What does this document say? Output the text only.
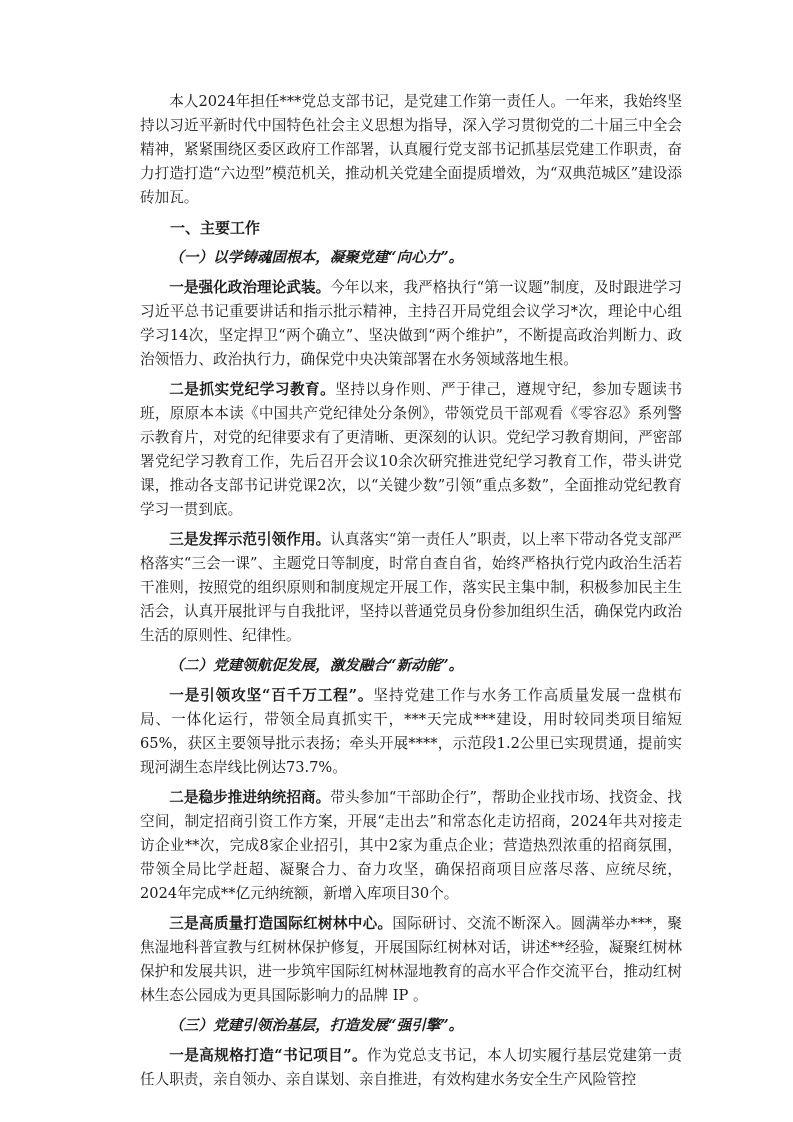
本人2024年担任***党总支部书记，是党建工作第一责任人。一年来，我始终坚持以习近平新时代中国特色社会主义思想为指导，深入学习贯彻党的二十届三中全会精神，紧紧围绕区委区政府工作部署，认真履行党支部书记抓基层党建工作职责，奋力打造打造“六边型”模范机关，推动机关党建全面提质增效，为“双典范城区”建设添砖加瓦。

一、主要工作

（一）以学铸魂固根本，凝聚党建“向心力”。

一是强化政治理论武装。今年以来，我严格执行“第一议题”制度，及时跟进学习习近平总书记重要讲话和指示批示精神，主持召开局党组会议学习*次，理论中心组学习14次，坚定捍卫“两个确立”、坚决做到“两个维护”，不断提高政治判断力、政治领悟力、政治执行力，确保党中央决策部署在水务领域落地生根。

二是抓实党纪学习教育。坚持以身作则、严于律己，遵规守纪，参加专题读书班，原原本本读《中国共产党纪律处分条例》，带领党员干部观看《零容忍》系列警示教育片，对党的纪律要求有了更清晰、更深刻的认识。党纪学习教育期间，严密部署党纪学习教育工作，先后召开会议10余次研究推进党纪学习教育工作，带头讲党课，推动各支部书记讲党课2次，以“关键少数”引领“重点多数”，全面推动党纪教育学习一贯到底。

三是发挥示范引领作用。认真落实“第一责任人”职责，以上率下带动各党支部严格落实“三会一课”、主题党日等制度，时常自查自省，始终严格执行党内政治生活若干准则，按照党的组织原则和制度规定开展工作，落实民主集中制，积极参加民主生活会，认真开展批评与自我批评，坚持以普通党员身份参加组织生活，确保党内政治生活的原则性、纪律性。

（二）党建领航促发展，激发融合“新动能”。

一是引领攻坚“百千万工程”。坚持党建工作与水务工作高质量发展一盘棋布局、一体化运行，带领全局真抓实干，***天完成***建设，用时较同类项目缩短65%，获区主要领导批示表扬；牵头开展****，示范段1.2公里已实现贯通，提前实现河湖生态岸线比例达73.7%。

二是稳步推进纳统招商。带头参加“干部助企行”，帮助企业找市场、找资金、找空间，制定招商引资工作方案，开展“走出去”和常态化走访招商，2024年共对接走访企业**次，完成8家企业招引，其中2家为重点企业；营造热烈浓重的招商氛围，带领全局比学赶超、凝聚合力、奋力攻坚，确保招商项目应落尽落、应统尽统，2024年完成**亿元纳统额，新增入库项目30个。

三是高质量打造国际红树林中心。国际研讨、交流不断深入。圆满举办***，聚焦湿地科普宣教与红树林保护修复，开展国际红树林对话，讲述**经验，凝聚红树林保护和发展共识，进一步筑牢国际红树林湿地教育的高水平合作交流平台，推动红树林生态公园成为更具国际影响力的品牌 IP 。

（三）党建引领治基层，打造发展“强引擎”。

一是高规格打造“书记项目”。作为党总支书记，本人切实履行基层党建第一责任人职责，亲自领办、亲自谋划、亲自推进，有效构建水务安全生产风险管控
